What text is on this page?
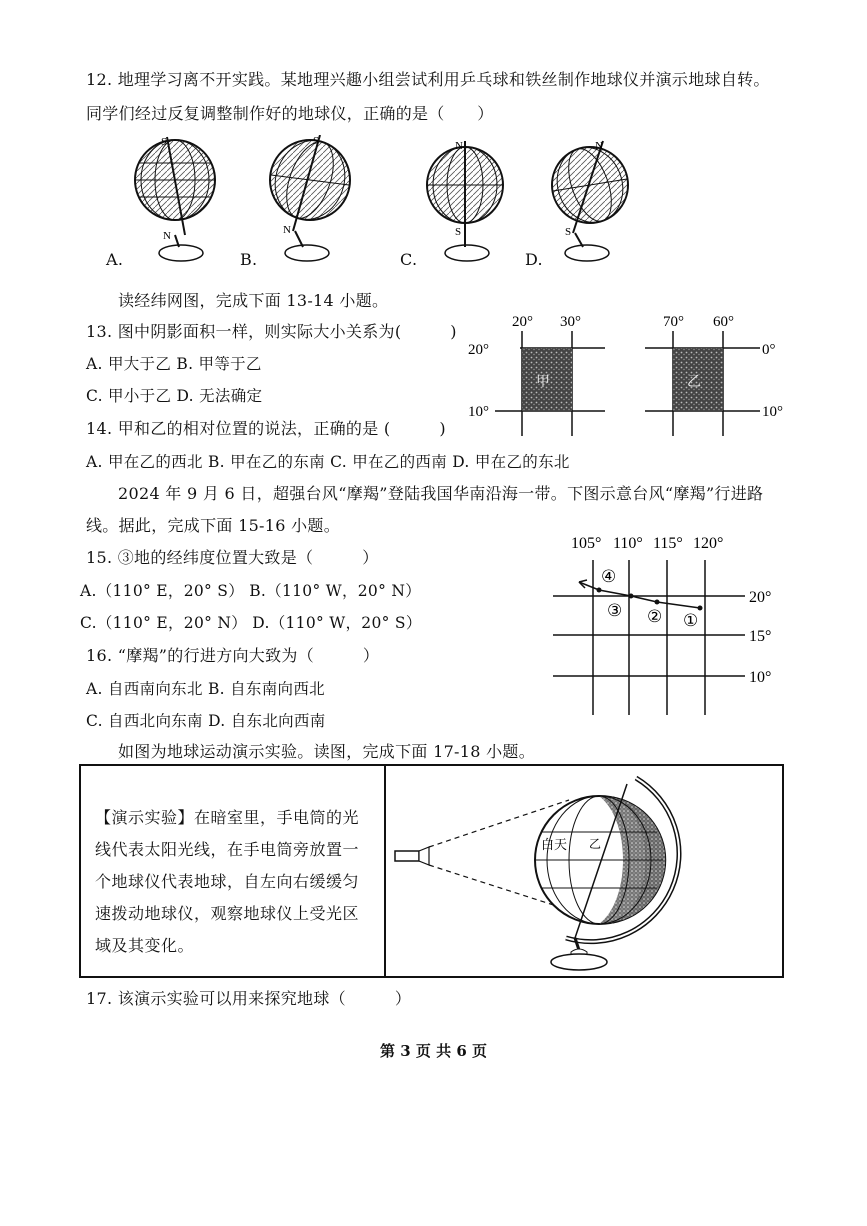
12. 地理学习离不开实践。某地理兴趣小组尝试利用乒乓球和铁丝制作地球仪并演示地球自转。
同学们经过反复调整制作好的地球仪，正确的是（　　）
S
N
S
N
N
S
N
S
A.	B.	C.	D.
读经纬网图，完成下面 13-14 小题。
13. 图中阴影面积一样，则实际大小关系为(　　　)
A. 甲大于乙 B. 甲等于乙
C. 甲小于乙 D. 无法确定
甲
20° 30°
20°
10°
乙
70° 60°
0°
10°
14. 甲和乙的相对位置的说法，正确的是 (　　　)
A. 甲在乙的西北 B. 甲在乙的东南 C. 甲在乙的西南 D. 甲在乙的东北
2024 年 9 月 6 日，超强台风“摩羯”登陆我国华南沿海一带。下图示意台风“摩羯”行进路
线。据此，完成下面 15-16 小题。
15. ③地的经纬度位置大致是（　　　）
A.（110° E，20° S） B.（110° W，20° N）
C.（110° E，20° N） D.（110° W，20° S）
16. “摩羯”的行进方向大致为（　　　）
A. 自西南向东北 B. 自东南向西北
C. 自西北向东南 D. 自东北向西南
105° 110° 115° 120°
20°
15°
10°
④
③ ② ①
如图为地球运动演示实验。读图，完成下面 17-18 小题。
【演示实验】在暗室里，手电筒的光线代表太阳光线，在手电筒旁放置一个地球仪代表地球，自左向右缓缓匀速拨动地球仪，观察地球仪上受光区域及其变化。
白天 乙
17. 该演示实验可以用来探究地球（　　　）
第 3 页 共 6 页
